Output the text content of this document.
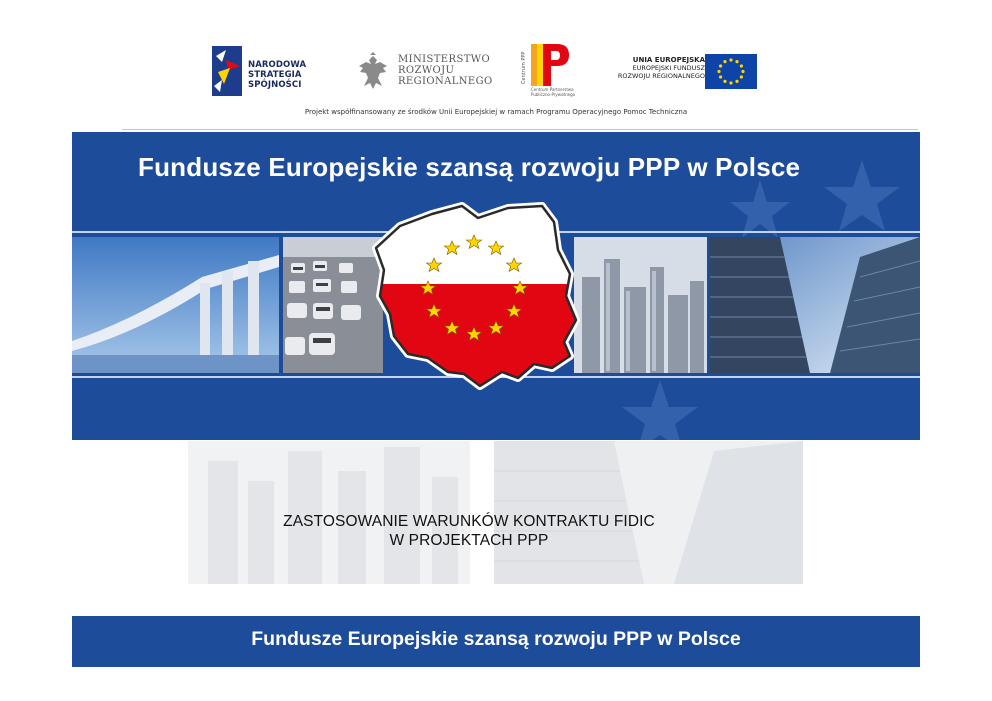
NARODOWA
STRATEGIA SPÓJNOŚCI
MINISTERSTWO
ROZWOJU
REGIONALNEGO	Centrum PPP
Centrum Partnerstwa
Publiczno-Prywatnego
UNIA EUROPEJSKA
EUROPEJSKI FUNDUSZ
ROZWOJU REGIONALNEGO
Projekt współfinansowany ze środków Unii Europejskiej w ramach Programu Operacyjnego Pomoc Techniczna
Fundusze Europejskie szansą rozwoju PPP w Polsce
ZASTOSOWANIE WARUNKÓW KONTRAKTU FIDIC
W PROJEKTACH PPP
Fundusze Europejskie szansą rozwoju PPP w Polsce
